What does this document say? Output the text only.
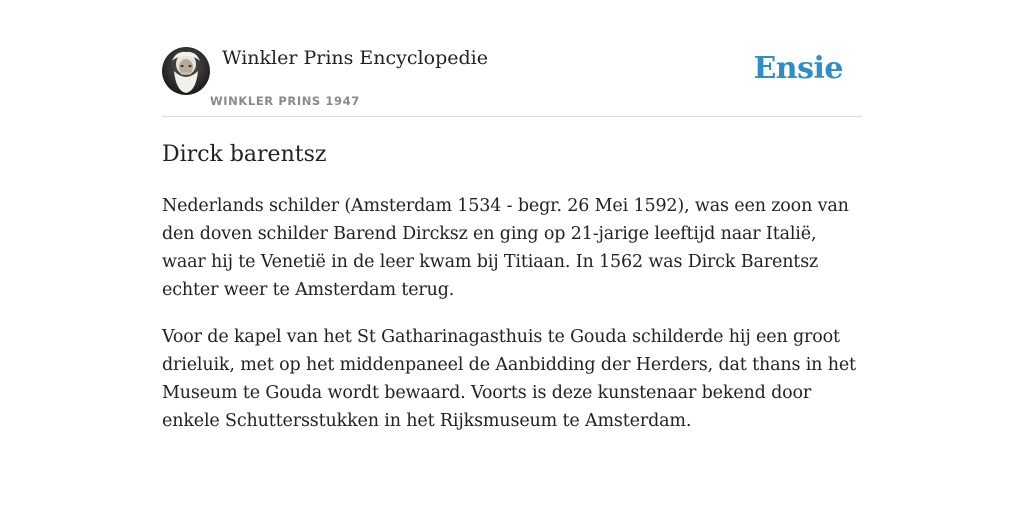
Winkler Prins Encyclopedie
WINKLER PRINS 1947
Ensie
Dirck barentsz

Nederlands schilder (Amsterdam 1534 - begr. 26 Mei 1592), was een zoon van den doven schilder Barend Dircksz en ging op 21-jarige leeftijd naar Italië, waar hij te Venetië in de leer kwam bij Titiaan. In 1562 was Dirck Barentsz echter weer te Amsterdam terug.

Voor de kapel van het St Gatharinagasthuis te Gouda schilderde hij een groot drieluik, met op het middenpaneel de Aanbidding der Herders, dat thans in het Museum te Gouda wordt bewaard. Voorts is deze kunstenaar bekend door enkele Schuttersstukken in het Rijksmuseum te Amsterdam.
